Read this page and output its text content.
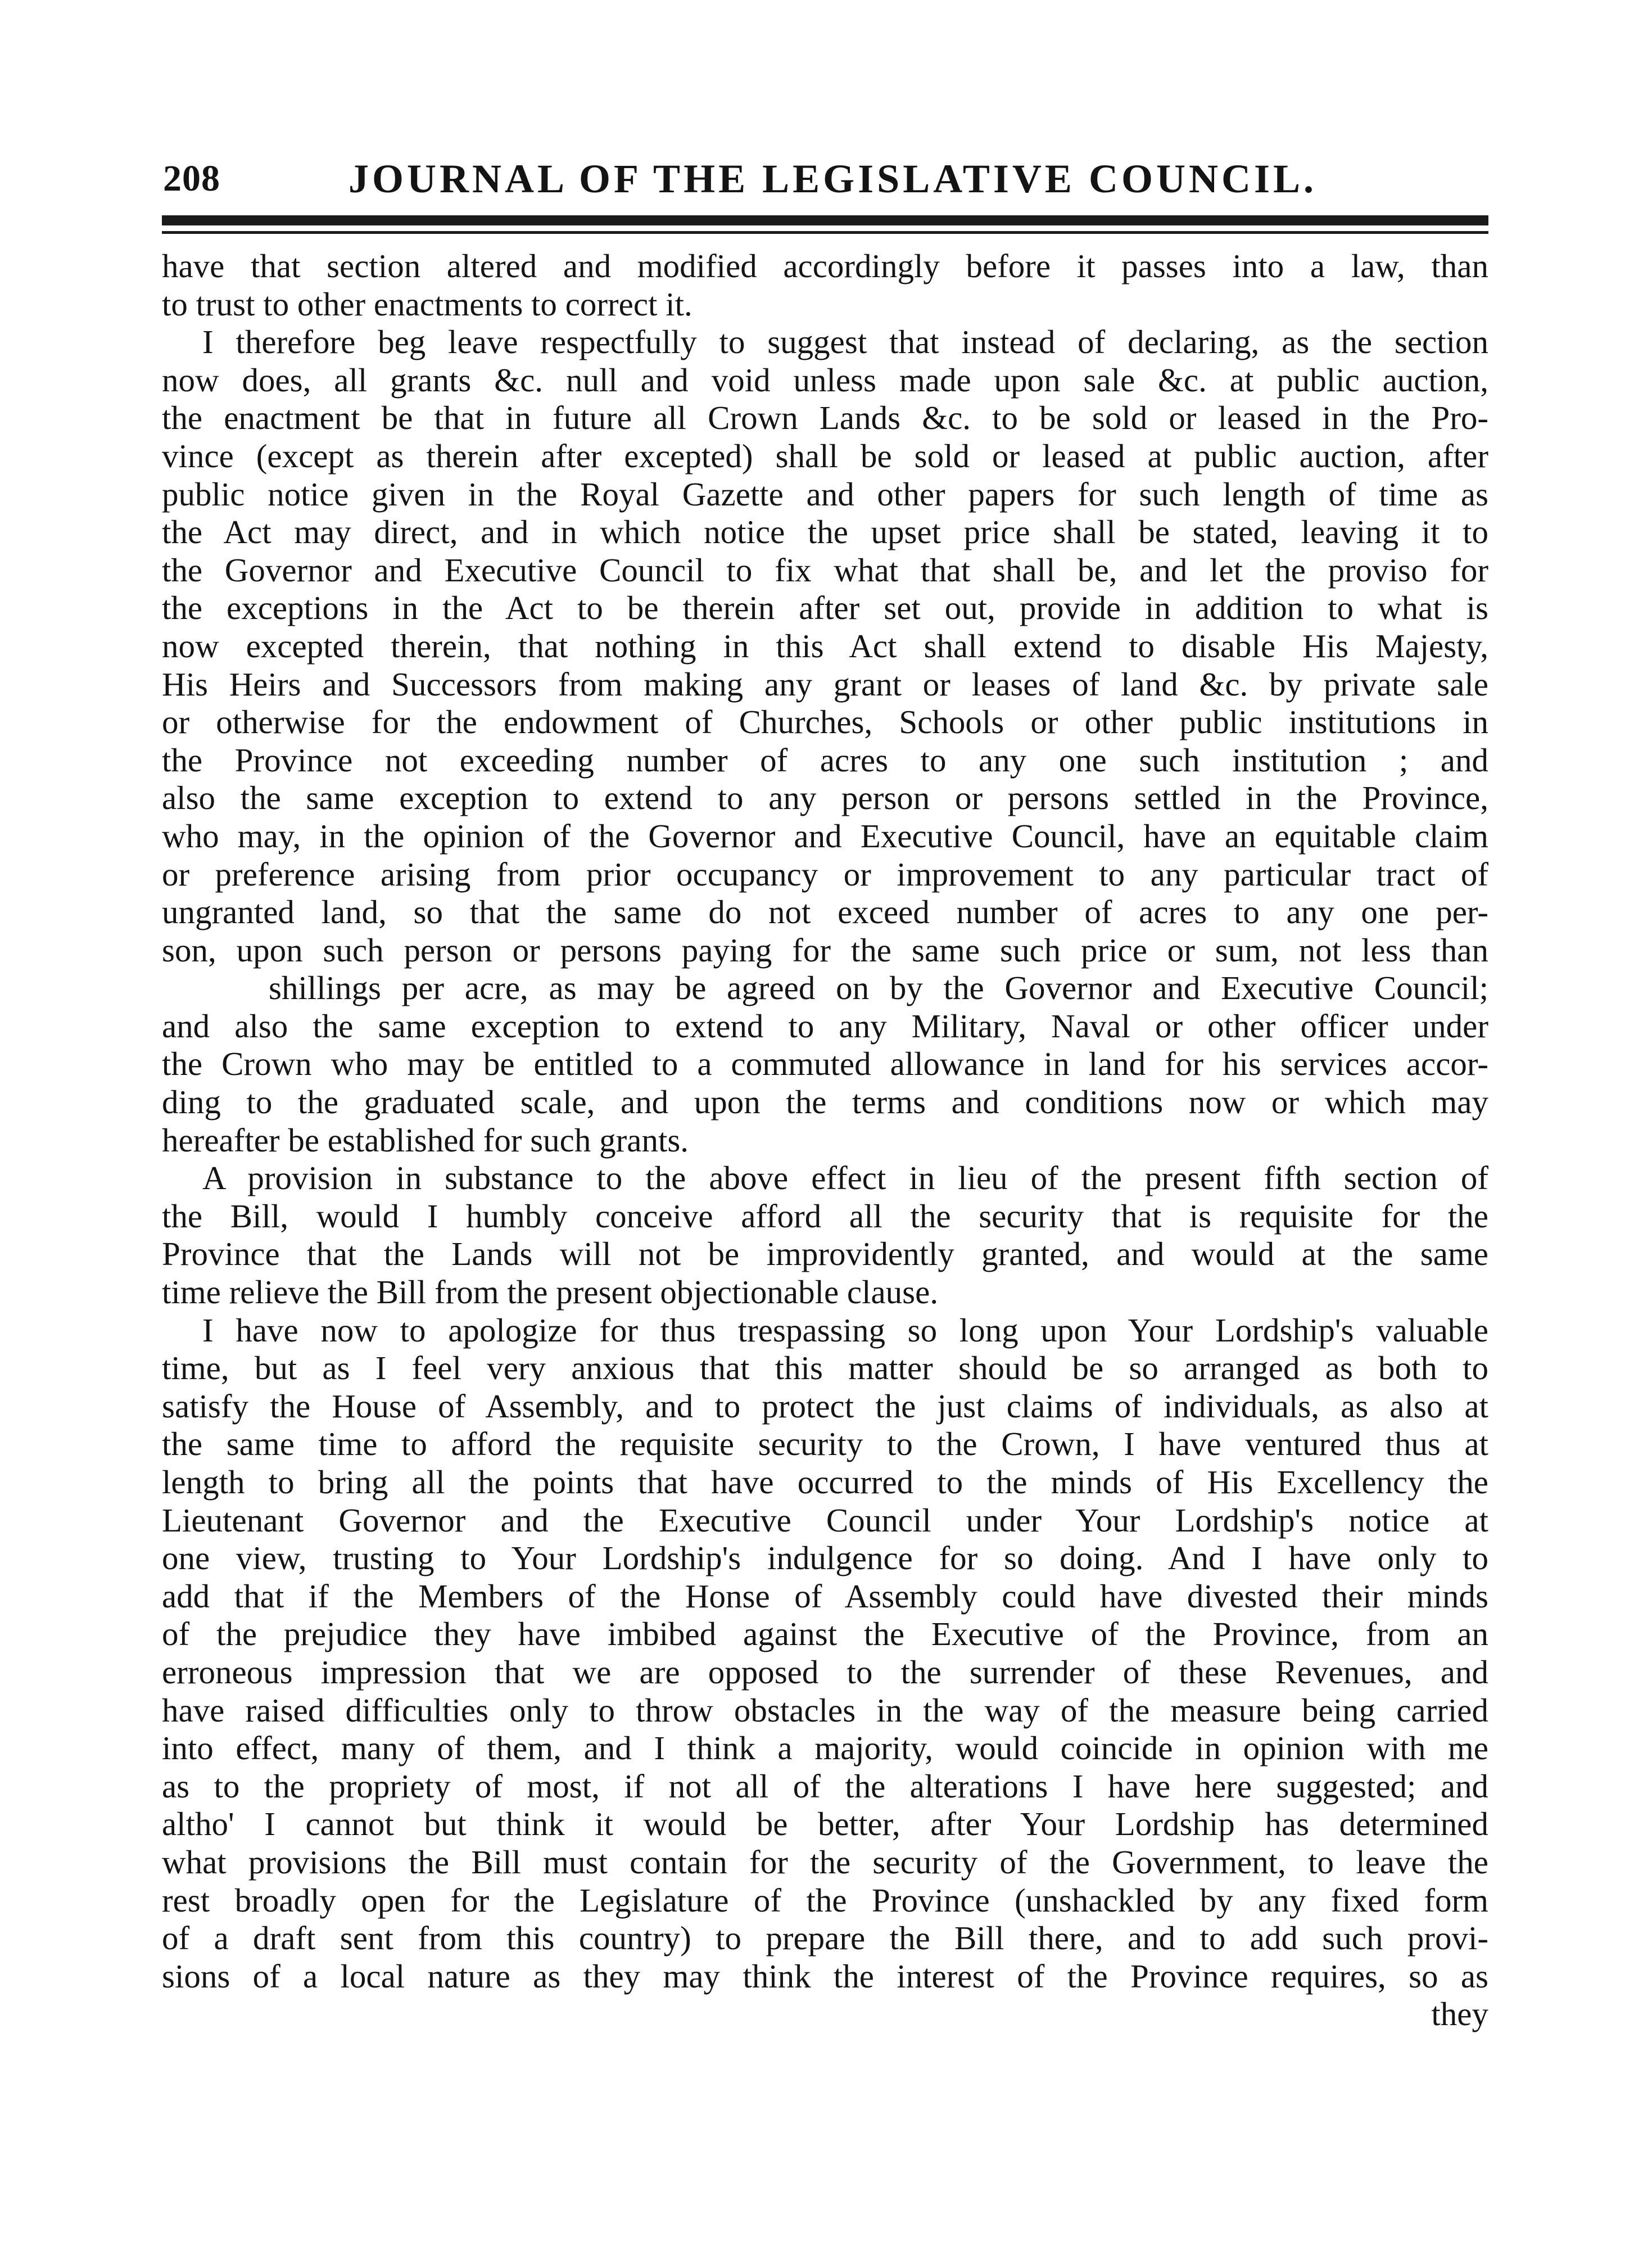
208	JOURNAL OF THE LEGISLATIVE COUNCIL.
have that section altered and modified accordingly before it passes into a law, than
to trust to other enactments to correct it.
I therefore beg leave respectfully to suggest that instead of declaring, as the section
now does, all grants &c. null and void unless made upon sale &c. at public auction,
the enactment be that in future all Crown Lands &c. to be sold or leased in the Pro-
vince (except as therein after excepted) shall be sold or leased at public auction, after
public notice given in the Royal Gazette and other papers for such length of time as
the Act may direct, and in which notice the upset price shall be stated, leaving it to
the Governor and Executive Council to fix what that shall be, and let the proviso for
the exceptions in the Act to be therein after set out, provide in addition to what is
now excepted therein, that nothing in this Act shall extend to disable His Majesty,
His Heirs and Successors from making any grant or leases of land &c. by private sale
or otherwise for the endowment of Churches, Schools or other public institutions in
the Province not exceeding number of acres to any one such institution ; and
also the same exception to extend to any person or persons settled in the Province,
who may, in the opinion of the Governor and Executive Council, have an equitable claim
or preference arising from prior occupancy or improvement to any particular tract of
ungranted land, so that the same do not exceed number of acres to any one per-
son, upon such person or persons paying for the same such price or sum, not less than
shillings per acre, as may be agreed on by the Governor and Executive Council;
and also the same exception to extend to any Military, Naval or other officer under
the Crown who may be entitled to a commuted allowance in land for his services accor-
ding to the graduated scale, and upon the terms and conditions now or which may
hereafter be established for such grants.
A provision in substance to the above effect in lieu of the present fifth section of
the Bill, would I humbly conceive afford all the security that is requisite for the
Province that the Lands will not be improvidently granted, and would at the same
time relieve the Bill from the present objectionable clause.
I have now to apologize for thus trespassing so long upon Your Lordship's valuable
time, but as I feel very anxious that this matter should be so arranged as both to
satisfy the House of Assembly, and to protect the just claims of individuals, as also at
the same time to afford the requisite security to the Crown, I have ventured thus at
length to bring all the points that have occurred to the minds of His Excellency the
Lieutenant Governor and the Executive Council under Your Lordship's notice at
one view, trusting to Your Lordship's indulgence for so doing. And I have only to
add that if the Members of the Honse of Assembly could have divested their minds
of the prejudice they have imbibed against the Executive of the Province, from an
erroneous impression that we are opposed to the surrender of these Revenues, and
have raised difficulties only to throw obstacles in the way of the measure being carried
into effect, many of them, and I think a majority, would coincide in opinion with me
as to the propriety of most, if not all of the alterations I have here suggested; and
altho' I cannot but think it would be better, after Your Lordship has determined
what provisions the Bill must contain for the security of the Government, to leave the
rest broadly open for the Legislature of the Province (unshackled by any fixed form
of a draft sent from this country) to prepare the Bill there, and to add such provi-
sions of a local nature as they may think the interest of the Province requires, so as
they
